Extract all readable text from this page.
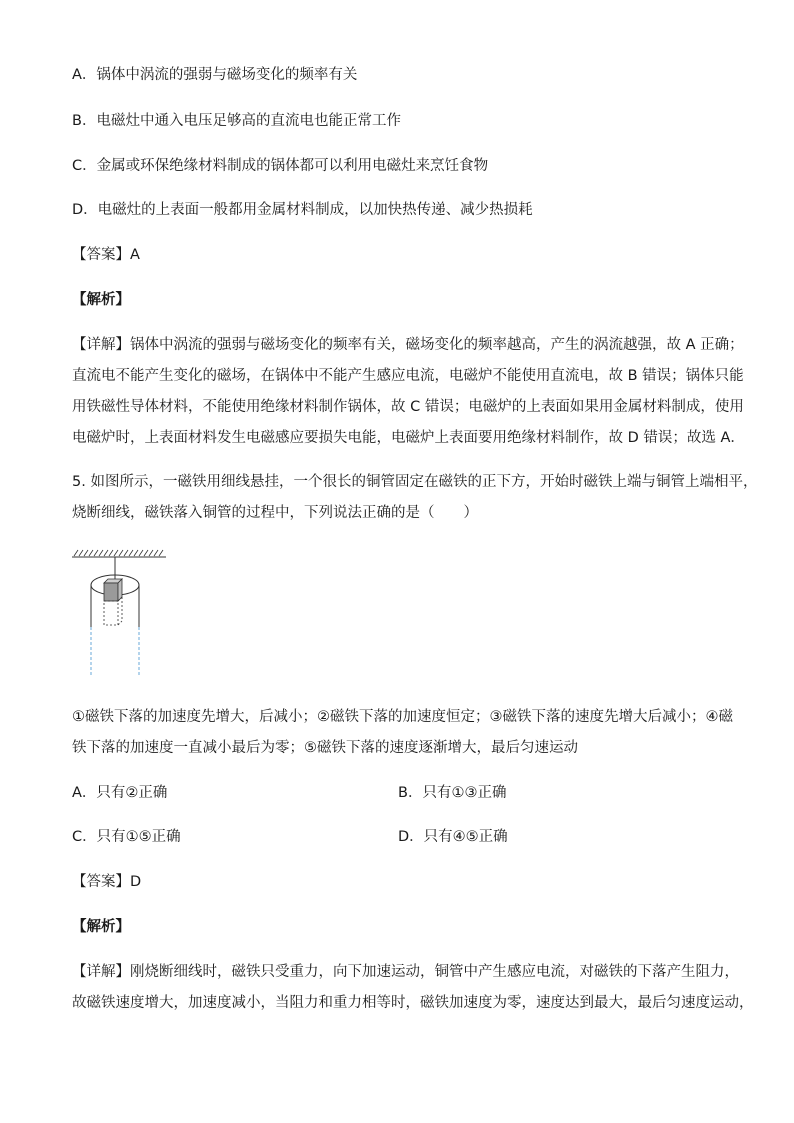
A．锅体中涡流的强弱与磁场变化的频率有关
B．电磁灶中通入电压足够高的直流电也能正常工作
C．金属或环保绝缘材料制成的锅体都可以利用电磁灶来烹饪食物
D．电磁灶的上表面一般都用金属材料制成，以加快热传递、减少热损耗
【答案】A
【解析】
【详解】锅体中涡流的强弱与磁场变化的频率有关，磁场变化的频率越高，产生的涡流越强，故 A 正确；
直流电不能产生变化的磁场，在锅体中不能产生感应电流，电磁炉不能使用直流电，故 B 错误；锅体只能
用铁磁性导体材料，不能使用绝缘材料制作锅体，故 C 错误；电磁炉的上表面如果用金属材料制成，使用
电磁炉时，上表面材料发生电磁感应要损失电能，电磁炉上表面要用绝缘材料制作，故 D 错误；故选 A．
5. 如图所示，一磁铁用细线悬挂，一个很长的铜管固定在磁铁的正下方，开始时磁铁上端与铜管上端相平，
烧断细线，磁铁落入铜管的过程中，下列说法正确的是（　　）
①磁铁下落的加速度先增大，后减小；②磁铁下落的加速度恒定；③磁铁下落的速度先增大后减小；④磁
铁下落的加速度一直减小最后为零；⑤磁铁下落的速度逐渐增大，最后匀速运动
A．只有②正确	B．只有①③正确
C．只有①⑤正确	D．只有④⑤正确
【答案】D
【解析】
【详解】刚烧断细线时，磁铁只受重力，向下加速运动，铜管中产生感应电流，对磁铁的下落产生阻力，
故磁铁速度增大，加速度减小，当阻力和重力相等时，磁铁加速度为零，速度达到最大，最后匀速度运动，
